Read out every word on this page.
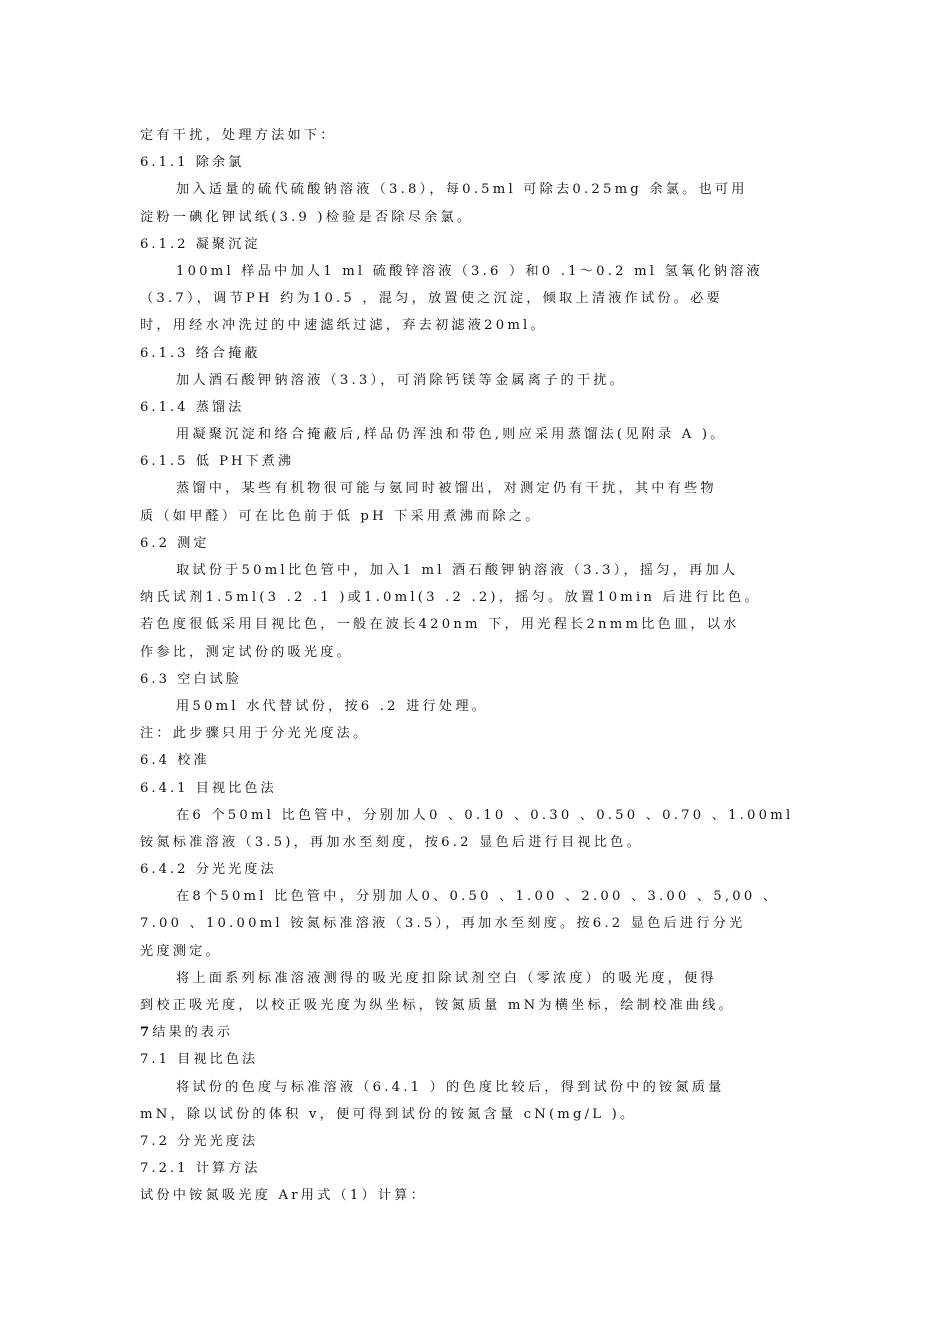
定有干扰，处理方法如下：
6.1.1 除余氯
加入适量的硫代硫酸钠溶液（3.8），每0.5ml 可除去0.25mg 余氯。也可用
淀粉一碘化钾试纸(3.9 )检验是否除尽余氯。
6.1.2 凝聚沉淀
100ml 样品中加人1 ml 硫酸锌溶液（3.6 ）和0 .1～0.2 ml 氢氧化钠溶液
（3.7），调节PH 约为10.5 ，混匀，放置使之沉淀，倾取上清液作试份。必要
时，用经水冲洗过的中速滤纸过滤，弃去初滤液20ml。
6.1.3 络合掩蔽
加人酒石酸钾钠溶液（3.3），可消除钙镁等金属离子的干扰。
6.1.4 蒸馏法
用凝聚沉淀和络合掩蔽后,样品仍浑浊和带色,则应采用蒸馏法(见附录 A )。
6.1.5 低 PH下煮沸
蒸馏中，某些有机物很可能与氨同时被馏出，对测定仍有干扰，其中有些物
质（如甲醛）可在比色前于低 pH 下采用煮沸而除之。
6.2 测定
取试份于50ml比色管中，加入1 ml 酒石酸钾钠溶液（3.3），摇匀，再加人
纳氏试剂1.5ml(3 .2 .1 )或1.0ml(3 .2 .2)，摇匀。放置10min 后进行比色。
若色度很低采用目视比色，一般在波长420nm 下，用光程长2nmm比色皿，以水
作参比，测定试份的吸光度。
6.3 空白试脸
用50ml 水代替试份，按6 .2 进行处理。
注：此步骤只用于分光光度法。
6.4 校准
6.4.1 目视比色法
在6 个50ml 比色管中，分别加人0 、0.10 、0.30 、0.50 、0.70 、1.00ml
铵氮标准溶液（3.5)，再加水至刻度，按6.2 显色后进行目视比色。
6.4.2 分光光度法
在8个50ml 比色管中，分别加人0、0.50 、1.00 、2.00 、3.00 、5,00 、
7.00 、10.00ml 铵氮标准溶液（3.5），再加水至刻度。按6.2 显色后进行分光
光度测定。
将上面系列标准溶液测得的吸光度扣除试剂空白（零浓度）的吸光度，便得
到校正吸光度，以校正吸光度为纵坐标，铵氮质量 mN为横坐标，绘制校准曲线。
7结果的表示
7.1 目视比色法
将试份的色度与标准溶液（6.4.1 ）的色度比较后，得到试份中的铵氮质量
mN，除以试份的体积 v，便可得到试份的铵氮含量 cN(mg/L )。
7.2 分光光度法
7.2.1 计算方法
试份中铵氮吸光度 Ar用式（1）计算：
